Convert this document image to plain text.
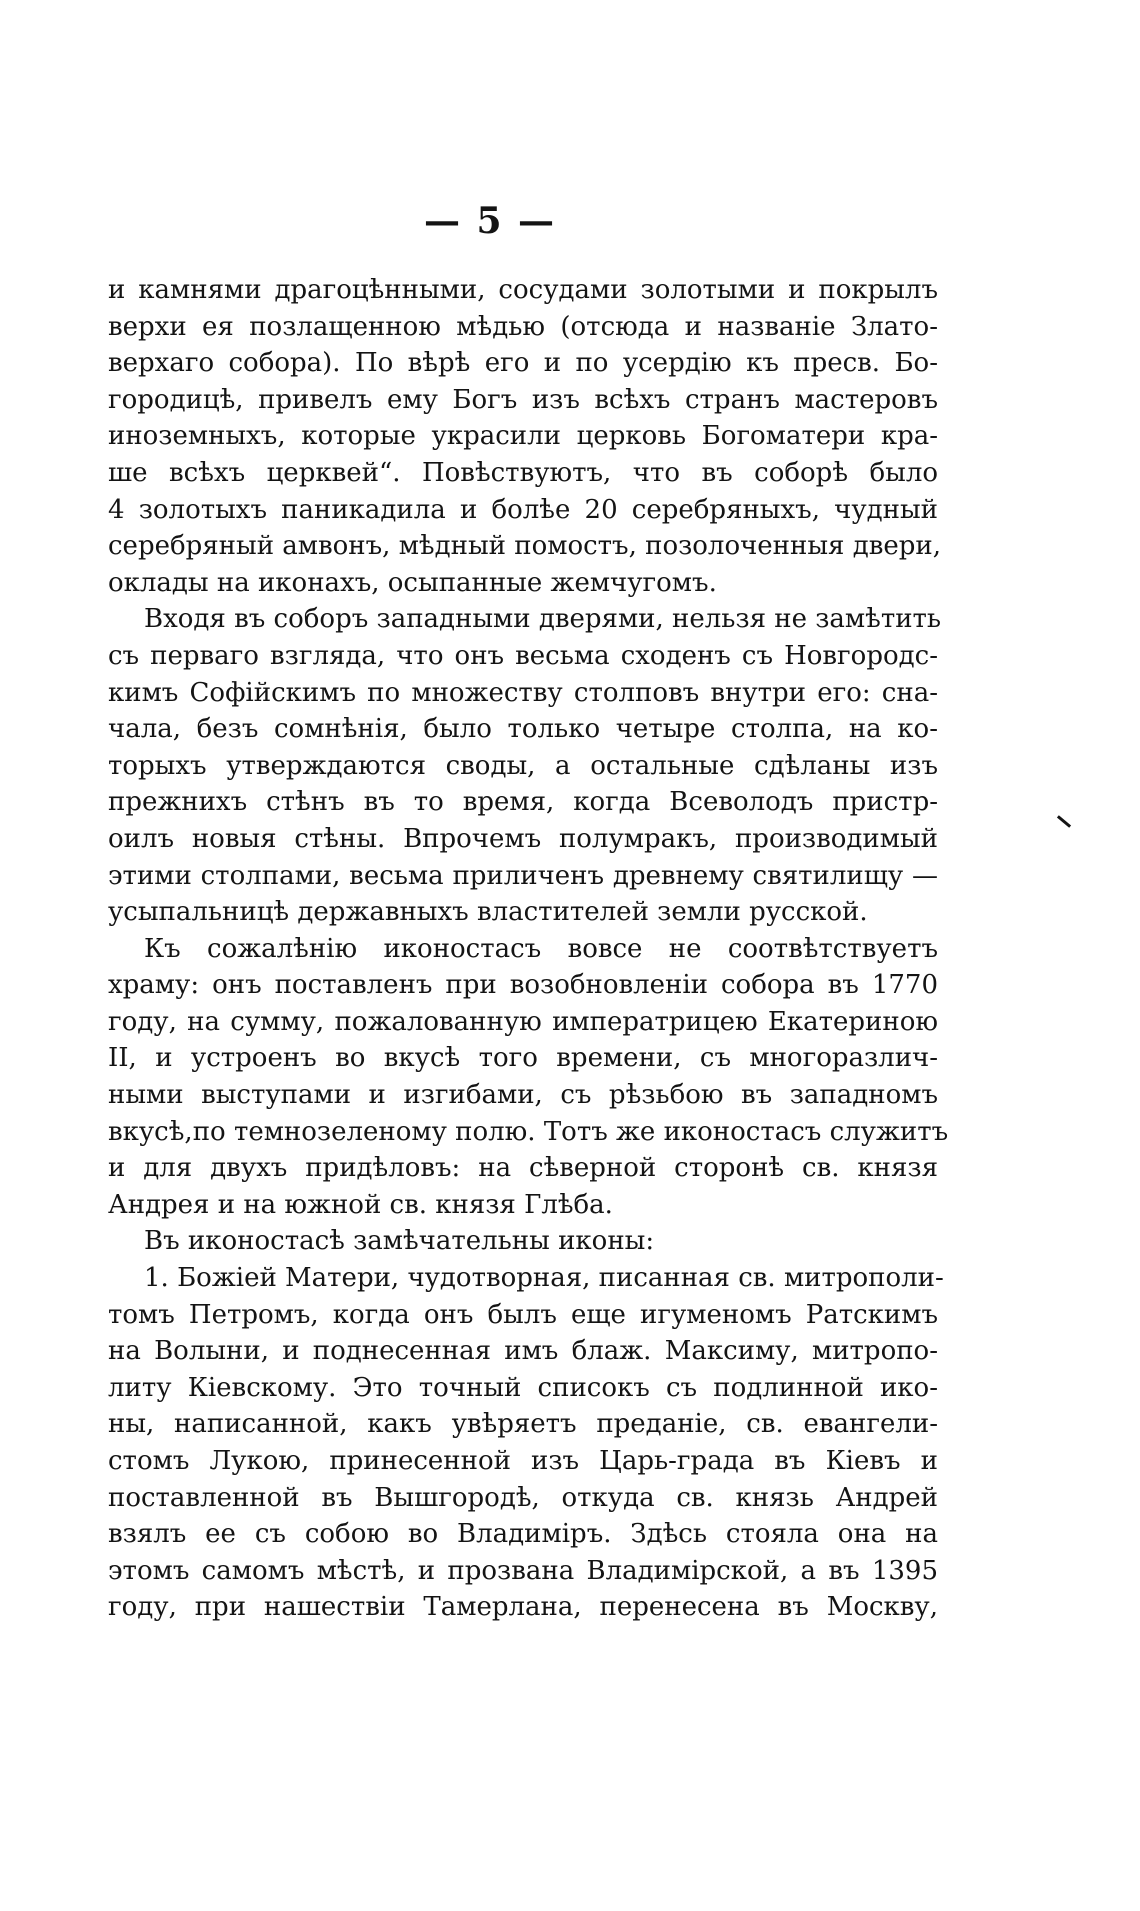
— 5 —
и камнями драгоцѣнными, сосудами золотыми и покрылъ
верхи ея позлащенною мѣдью (отсюда и названіе Злато-
верхаго собора). По вѣрѣ его и по усердію къ пресв. Бо-
городицѣ, привелъ ему Богъ изъ всѣхъ странъ мастеровъ
иноземныхъ, которые украсили церковь Богоматери кра-
ше всѣхъ церквей“. Повѣствуютъ, что въ соборѣ было
4 золотыхъ паникадила и болѣе 20 серебряныхъ, чудный
серебряный амвонъ, мѣдный помостъ, позолоченныя двери,
оклады на иконахъ, осыпанные жемчугомъ.
Входя въ соборъ западными дверями, нельзя не замѣтить
съ перваго взгляда, что онъ весьма сходенъ съ Новгородс-
кимъ Софійскимъ по множеству столповъ внутри его: сна-
чала, безъ сомнѣнія, было только четыре столпа, на ко-
торыхъ утверждаются своды, а остальные сдѣланы изъ
прежнихъ стѣнъ въ то время, когда Всеволодъ пристр-
оилъ новыя стѣны. Впрочемъ полумракъ, производимый
этими столпами, весьма приличенъ древнему святилищу —
усыпальницѣ державныхъ властителей земли русской.
Къ сожалѣнію иконостасъ вовсе не соотвѣтствуетъ
храму: онъ поставленъ при возобновленіи собора въ 1770
году, на сумму, пожалованную императрицею Екатериною
II, и устроенъ во вкусѣ того времени, съ многоразлич-
ными выступами и изгибами, съ рѣзьбою въ западномъ
вкусѣ,по темнозеленому полю. Тотъ же иконостасъ служитъ
и для двухъ придѣловъ: на сѣверной сторонѣ св. князя
Андрея и на южной св. князя Глѣба.
Въ иконостасѣ замѣчательны иконы:
1. Божiей Матери, чудотворная, писанная св. митрополи-
томъ Петромъ, когда онъ былъ еще игуменомъ Ратскимъ
на Волыни, и поднесенная имъ блаж. Максиму, митропо-
литу Кіевскому. Это точный списокъ съ подлинной ико-
ны, написанной, какъ увѣряетъ преданіе, св. евангели-
стомъ Лукою, принесенной изъ Царь-града въ Кіевъ и
поставленной въ Вышгородѣ, откуда св. князь Андрей
взялъ ее съ собою во Владиміръ. Здѣсь стояла она на
этомъ самомъ мѣстѣ, и прозвана Владимірской, а въ 1395
году, при нашествіи Тамерлана, перенесена въ Москву,
